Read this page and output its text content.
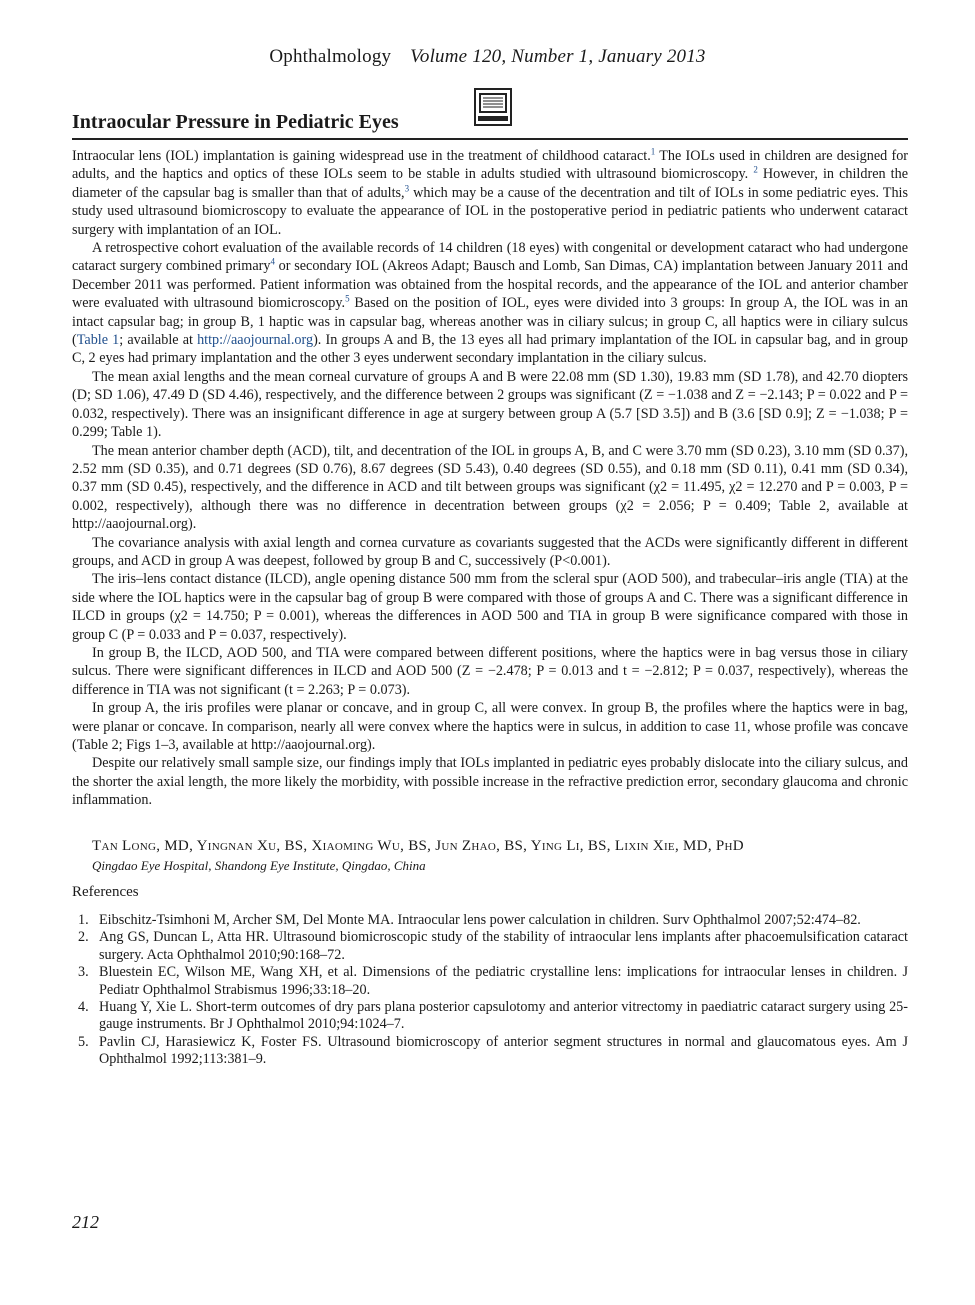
Ophthalmology Volume 120, Number 1, January 2013
Intraocular Pressure in Pediatric Eyes

Intraocular lens (IOL) implantation is gaining widespread use in the treatment of childhood cataract.$^1$ The IOLs used in children are designed for adults, and the haptics and optics of these IOLs seem to be stable in adults studied with ultrasound biomicroscopy. $^2$ However, in children the diameter of the capsular bag is smaller than that of adults,$^3$ which may be a cause of the decentration and tilt of IOLs in some pediatric eyes. This study used ultrasound biomicroscopy to evaluate the appearance of IOL in the postoperative period in pediatric patients who underwent cataract surgery with implantation of an IOL.

A retrospective cohort evaluation of the available records of 14 children (18 eyes) with congenital or development cataract who had undergone cataract surgery combined primary$^4$ or secondary IOL (Akreos Adapt; Bausch and Lomb, San Dimas, CA) implantation between January 2011 and December 2011 was performed. Patient information was obtained from the hospital records, and the appearance of the IOL and anterior chamber were evaluated with ultrasound biomicroscopy.$^5$ Based on the position of IOL, eyes were divided into 3 groups: In group A, the IOL was in an intact capsular bag; in group B, 1 haptic was in capsular bag, whereas another was in ciliary sulcus; in group C, all haptics were in ciliary sulcus (Table 1; available at http://aaojournal.org). In groups A and B, the 13 eyes all had primary implantation of the IOL in capsular bag, and in group C, 2 eyes had primary implantation and the other 3 eyes underwent secondary implantation in the ciliary sulcus.

The mean axial lengths and the mean corneal curvature of groups A and B were 22.08 mm (SD 1.30), 19.83 mm (SD 1.78), and 42.70 diopters (D; SD 1.06), 47.49 D (SD 4.46), respectively, and the difference between 2 groups was significant (Z = −1.038 and Z = −2.143; P = 0.022 and P = 0.032, respectively). There was an insignificant difference in age at surgery between group A (5.7 [SD 3.5]) and B (3.6 [SD 0.9]; Z = −1.038; P = 0.299; Table 1).

The mean anterior chamber depth (ACD), tilt, and decentration of the IOL in groups A, B, and C were 3.70 mm (SD 0.23), 3.10 mm (SD 0.37), 2.52 mm (SD 0.35), and 0.71 degrees (SD 0.76), 8.67 degrees (SD 5.43), 0.40 degrees (SD 0.55), and 0.18 mm (SD 0.11), 0.41 mm (SD 0.34), 0.37 mm (SD 0.45), respectively, and the difference in ACD and tilt between groups was significant (χ2 = 11.495, χ2 = 12.270 and P = 0.003, P = 0.002, respectively), although there was no difference in decentration between groups (χ2 = 2.056; P = 0.409; Table 2, available at http://aaojournal.org).

The covariance analysis with axial length and cornea curvature as covariants suggested that the ACDs were significantly different in different groups, and ACD in group A was deepest, followed by group B and C, successively (P<0.001).

The iris–lens contact distance (ILCD), angle opening distance 500 mm from the scleral spur (AOD 500), and trabecular–iris angle (TIA) at the side where the IOL haptics were in the capsular bag of group B were compared with those of groups A and C. There was a significant difference in ILCD in groups (χ2 = 14.750; P = 0.001), whereas the differences in AOD 500 and TIA in group B were significance compared with those in group C (P = 0.033 and P = 0.037, respectively).

In group B, the ILCD, AOD 500, and TIA were compared between different positions, where the haptics were in bag versus those in ciliary sulcus. There were significant differences in ILCD and AOD 500 (Z = −2.478; P = 0.013 and t = −2.812; P = 0.037, respectively), whereas the difference in TIA was not significant (t = 2.263; P = 0.073).

In group A, the iris profiles were planar or concave, and in group C, all were convex. In group B, the profiles where the haptics were in bag, were planar or concave. In comparison, nearly all were convex where the haptics were in sulcus, in addition to case 11, whose profile was concave (Table 2; Figs 1–3, available at http://aaojournal.org).

Despite our relatively small sample size, our findings imply that IOLs implanted in pediatric eyes probably dislocate into the ciliary sulcus, and the shorter the axial length, the more likely the morbidity, with possible increase in the refractive prediction error, secondary glaucoma and chronic inflammation.

Tan Long, MD, Yingnan Xu, BS, Xiaoming Wu, BS, Jun Zhao, BS, Ying Li, BS, Lixin Xie, MD, PhD
Qingdao Eye Hospital, Shandong Eye Institute, Qingdao, China
References
1. Eibschitz-Tsimhoni M, Archer SM, Del Monte MA. Intraocular lens power calculation in children. Surv Ophthalmol 2007;52:474–82.
2. Ang GS, Duncan L, Atta HR. Ultrasound biomicroscopic study of the stability of intraocular lens implants after phacoemulsification cataract surgery. Acta Ophthalmol 2010;90:168–72.
3. Bluestein EC, Wilson ME, Wang XH, et al. Dimensions of the pediatric crystalline lens: implications for intraocular lenses in children. J Pediatr Ophthalmol Strabismus 1996;33:18–20.
4. Huang Y, Xie L. Short-term outcomes of dry pars plana posterior capsulotomy and anterior vitrectomy in paediatric cataract surgery using 25-gauge instruments. Br J Ophthalmol 2010;94:1024–7.
5. Pavlin CJ, Harasiewicz K, Foster FS. Ultrasound biomicroscopy of anterior segment structures in normal and glaucomatous eyes. Am J Ophthalmol 1992;113:381–9.
212
